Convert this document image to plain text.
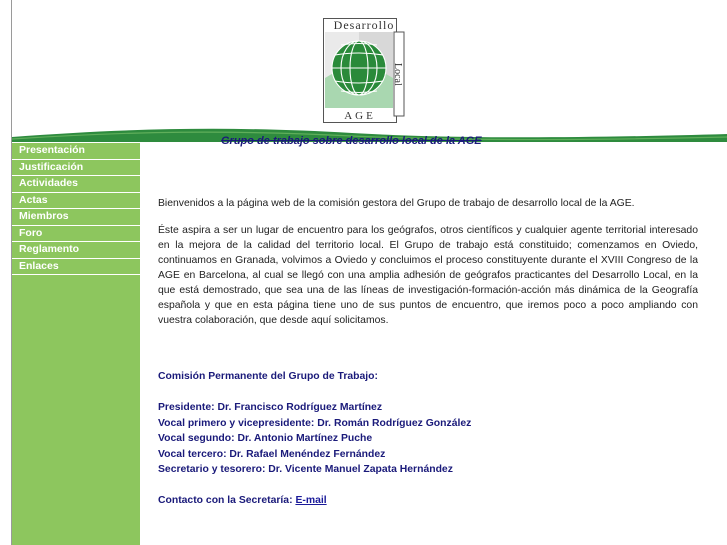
Desarrollo
Local
AGE
Presentación
Justificación
Actividades
Actas
Miembros
Foro
Reglamento
Enlaces
Grupo de trabajo sobre desarrollo local de la AGE

Bienvenidos a la página web de la comisión gestora del Grupo de trabajo de desarrollo local de la AGE.

Éste aspira a ser un lugar de encuentro para los geógrafos, otros científicos y cualquier agente territorial interesado en la mejora de la calidad del territorio local. El Grupo de trabajo está constituido; comenzamos en Oviedo, continuamos en Granada, volvimos a Oviedo y concluimos el proceso constituyente durante el XVIII Congreso de la AGE en Barcelona, al cual se llegó con una amplia adhesión de geógrafos practicantes del Desarrollo Local, en la que está demostrado, que sea una de las líneas de investigación-formación-acción más dinámica de la Geografía española y que en esta página tiene uno de sus puntos de encuentro, que iremos poco a poco ampliando con vuestra colaboración, que desde aquí solicitamos.

Comisión Permanente del Grupo de Trabajo:

Presidente: Dr. Francisco Rodríguez Martínez
Vocal primero y vicepresidente: Dr. Román Rodríguez González
Vocal segundo: Dr. Antonio Martínez Puche
Vocal tercero: Dr. Rafael Menéndez Fernández
Secretario y tesorero: Dr. Vicente Manuel Zapata Hernández

Contacto con la Secretaría: E-mail
